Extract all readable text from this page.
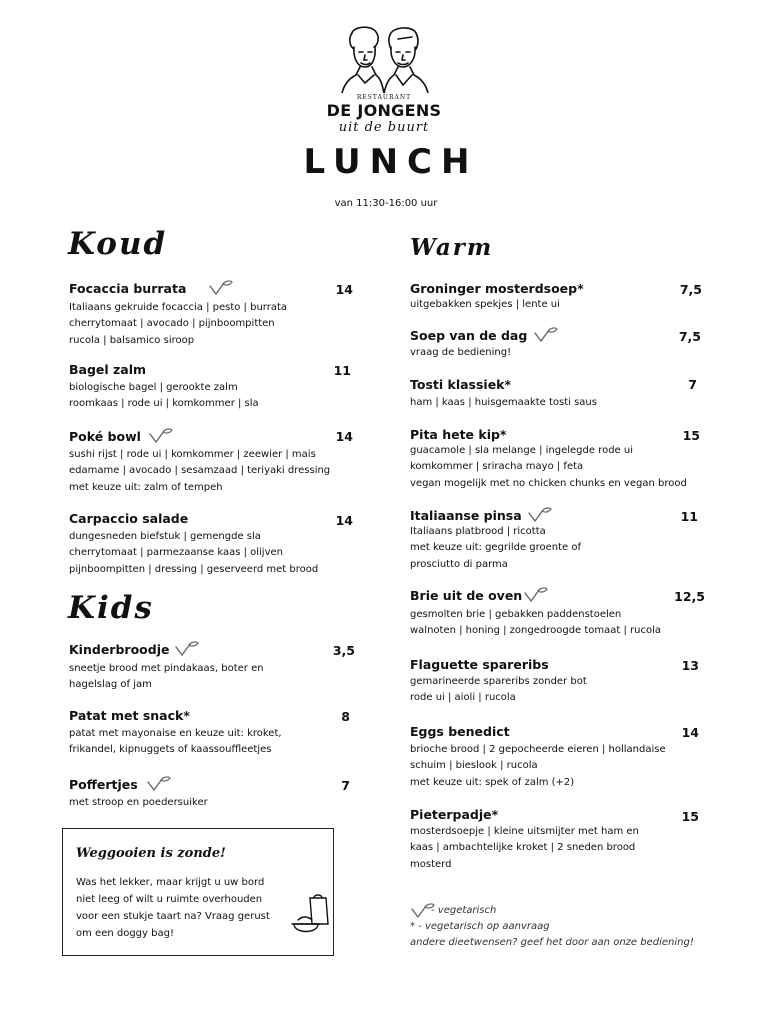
RESTAURANT
DE JONGENS
uit de buurt
LUNCH
van 11:30-16:00 uur
Koud	Warm
Kids
Focaccia burrata	14
Italiaans gekruide focaccia | pesto | burrata
cherrytomaat | avocado | pijnboompitten
rucola | balsamico siroop
Bagel zalm	11
biologische bagel | gerookte zalm
roomkaas | rode ui | komkommer | sla
Poké bowl	14
sushi rijst | rode ui | komkommer | zeewier | mais
edamame | avocado | sesamzaad | teriyaki dressing
met keuze uit: zalm of tempeh
Carpaccio salade	14
dungesneden biefstuk | gemengde sla
cherrytomaat | parmezaanse kaas | olijven
pijnboompitten | dressing | geserveerd met brood
Kinderbroodje	3,5
sneetje brood met pindakaas, boter en
hagelslag of jam
Patat met snack*	8
patat met mayonaise en keuze uit: kroket,
frikandel, kipnuggets of kaassouffleetjes
Poffertjes	7
met stroop en poedersuiker
Weggooien is zonde!
Was het lekker, maar krijgt u uw bord
niet leeg of wilt u ruimte overhouden
voor een stukje taart na? Vraag gerust
om een doggy bag!
Groninger mosterdsoep*	7,5
uitgebakken spekjes | lente ui
Soep van de dag	7,5
vraag de bediening!
Tosti klassiek*	7
ham | kaas | huisgemaakte tosti saus
Pita hete kip*	15
guacamole | sla melange | ingelegde rode ui
komkommer | sriracha mayo | feta
vegan mogelijk met no chicken chunks en vegan brood
Italiaanse pinsa	11
Italiaans platbrood | ricotta
met keuze uit: gegrilde groente of
prosciutto di parma
Brie uit de oven	12,5
gesmolten brie | gebakken paddenstoelen
walnoten | honing | zongedroogde tomaat | rucola
Flaguette spareribs	13
gemarineerde spareribs zonder bot
rode ui | aioli | rucola
Eggs benedict	14
brioche brood | 2 gepocheerde eieren | hollandaise
schuim | bieslook | rucola
met keuze uit: spek of zalm (+2)
Pieterpadje*	15
mosterdsoepje | kleine uitsmijter met ham en
kaas | ambachtelijke kroket | 2 sneden brood
mosterd
- vegetarisch
* - vegetarisch op aanvraag
andere dieetwensen? geef het door aan onze bediening!
